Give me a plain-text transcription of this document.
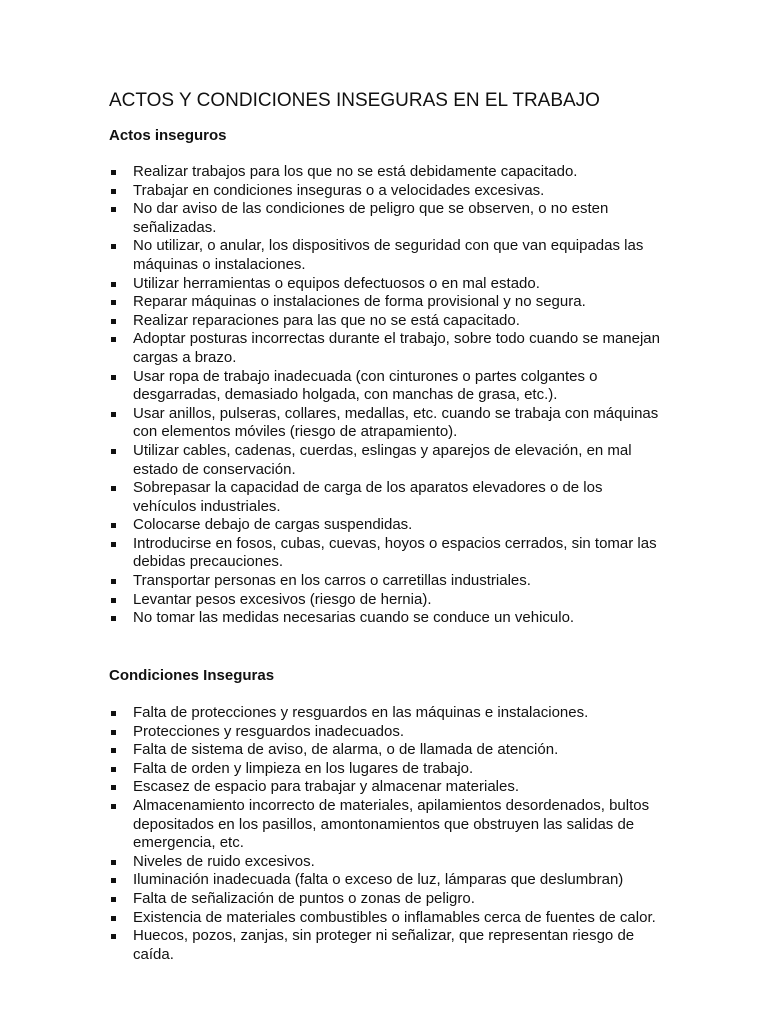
ACTOS Y CONDICIONES INSEGURAS EN EL TRABAJO
Actos inseguros
Realizar trabajos para los que no se está debidamente capacitado.
Trabajar en condiciones inseguras o a velocidades excesivas.
No dar aviso de las condiciones de peligro que se observen, o no esten señalizadas.
No utilizar, o anular, los dispositivos de seguridad con que van equipadas las máquinas o instalaciones.
Utilizar herramientas o equipos defectuosos o en mal estado.
Reparar máquinas o instalaciones de forma provisional y no segura.
Realizar reparaciones para las que no se está capacitado.
Adoptar posturas incorrectas durante el trabajo, sobre todo cuando se manejan cargas a brazo.
Usar ropa de trabajo inadecuada (con cinturones o partes colgantes o desgarradas, demasiado holgada, con manchas de grasa, etc.).
Usar anillos, pulseras, collares, medallas, etc. cuando se trabaja con máquinas con elementos móviles (riesgo de atrapamiento).
Utilizar cables, cadenas, cuerdas, eslingas y aparejos de elevación, en mal estado de conservación.
Sobrepasar la capacidad de carga de los aparatos elevadores o de los vehículos industriales.
Colocarse debajo de cargas suspendidas.
Introducirse en fosos, cubas, cuevas, hoyos o espacios cerrados, sin tomar las debidas precauciones.
Transportar personas en los carros o carretillas industriales.
Levantar pesos excesivos (riesgo de hernia).
No tomar las medidas necesarias cuando se conduce un vehiculo.
Condiciones Inseguras
Falta de protecciones y resguardos en las máquinas e instalaciones.
Protecciones y resguardos inadecuados.
Falta de sistema de aviso, de alarma, o de llamada de atención.
Falta de orden y limpieza en los lugares de trabajo.
Escasez de espacio para trabajar y almacenar materiales.
Almacenamiento incorrecto de materiales, apilamientos desordenados, bultos depositados en los pasillos, amontonamientos que obstruyen las salidas de emergencia, etc.
Niveles de ruido excesivos.
Iluminación inadecuada (falta o exceso de luz, lámparas que deslumbran)
Falta de señalización de puntos o zonas de peligro.
Existencia de materiales combustibles o inflamables cerca de fuentes de calor.
Huecos, pozos, zanjas, sin proteger ni señalizar, que representan riesgo de caída.
